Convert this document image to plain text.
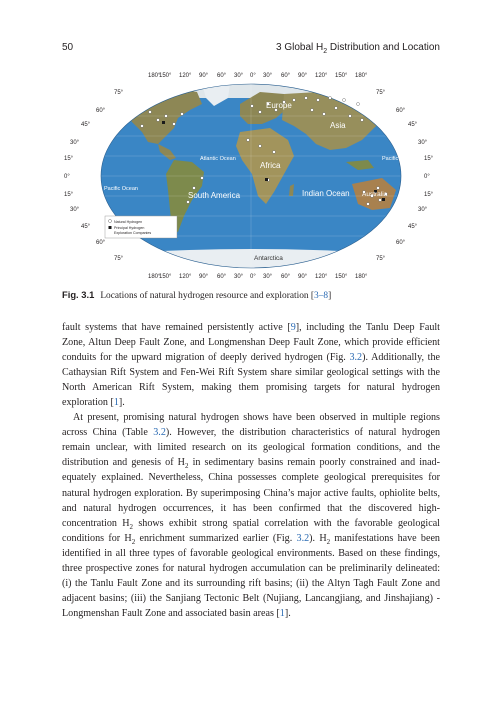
50	3 Global $H_2$ Distribution and Location
180°
150° 120° 90° 60° 30° 0° 30° 60° 90° 120° 150° 180°
180°
150° 120° 90° 60° 30° 0° 30° 60° 90° 120° 150° 180°
75°
60°
45°
30°
15°
0°
15°
30°
45°
60°
75°
75°
60°
45°
30°
15°
0°
15°
30°
45°
60°
75°
Europe
Asia
Atlantic Ocean	Pacific Ocean
Africa
Pacific Ocean	Indian Ocean
South America	Australia
Antarctica
Natural Hydrogen
Principal Hydrogen
Exploration Companies
Fig. 3.1 Locations of natural hydrogen resource and exploration [3–8]

fault systems that have remained persistently active [9], including the Tanlu Deep Fault Zone, Altun Deep Fault Zone, and Longmenshan Deep Fault Zone, which provide efficient conduits for the upward migration of deeply derived hydrogen (Fig. 3.2). Additionally, the Cathaysian Rift System and Fen-Wei Rift System share similar geological settings with the North American Rift System, making them promising targets for natural hydrogen exploration [1].

At present, promising natural hydrogen shows have been observed in multiple regions across China (Table 3.2). However, the distribution characteristics of natural hydrogen remain unclear, with limited research on its geological formation conditions, and the distribution and genesis of $H_2$ in sedimentary basins remain poorly constrained and inadequately explained. Nevertheless, China possesses complete geological prerequisites for natural hydrogen exploration. By superimposing China’s major active faults, ophiolite belts, and natural hydrogen occurrences, it has been confirmed that the discovered high-concentration $H_2$ shows exhibit strong spatial correlation with the favorable geological conditions for $H_2$ enrichment summarized earlier (Fig. 3.2). $H_2$ manifestations have been identified in all three types of favorable geological environments. Based on these findings, three prospective zones for natural hydrogen accumulation can be preliminarily delineated: (i) the Tanlu Fault Zone and its surrounding rift basins; (ii) the Altyn Tagh Fault Zone and adjacent basins; (iii) the Sanjiang Tectonic Belt (Nujiang, Lancangjiang, and Jinshajiang) - Longmenshan Fault Zone and associated basin areas [1].
